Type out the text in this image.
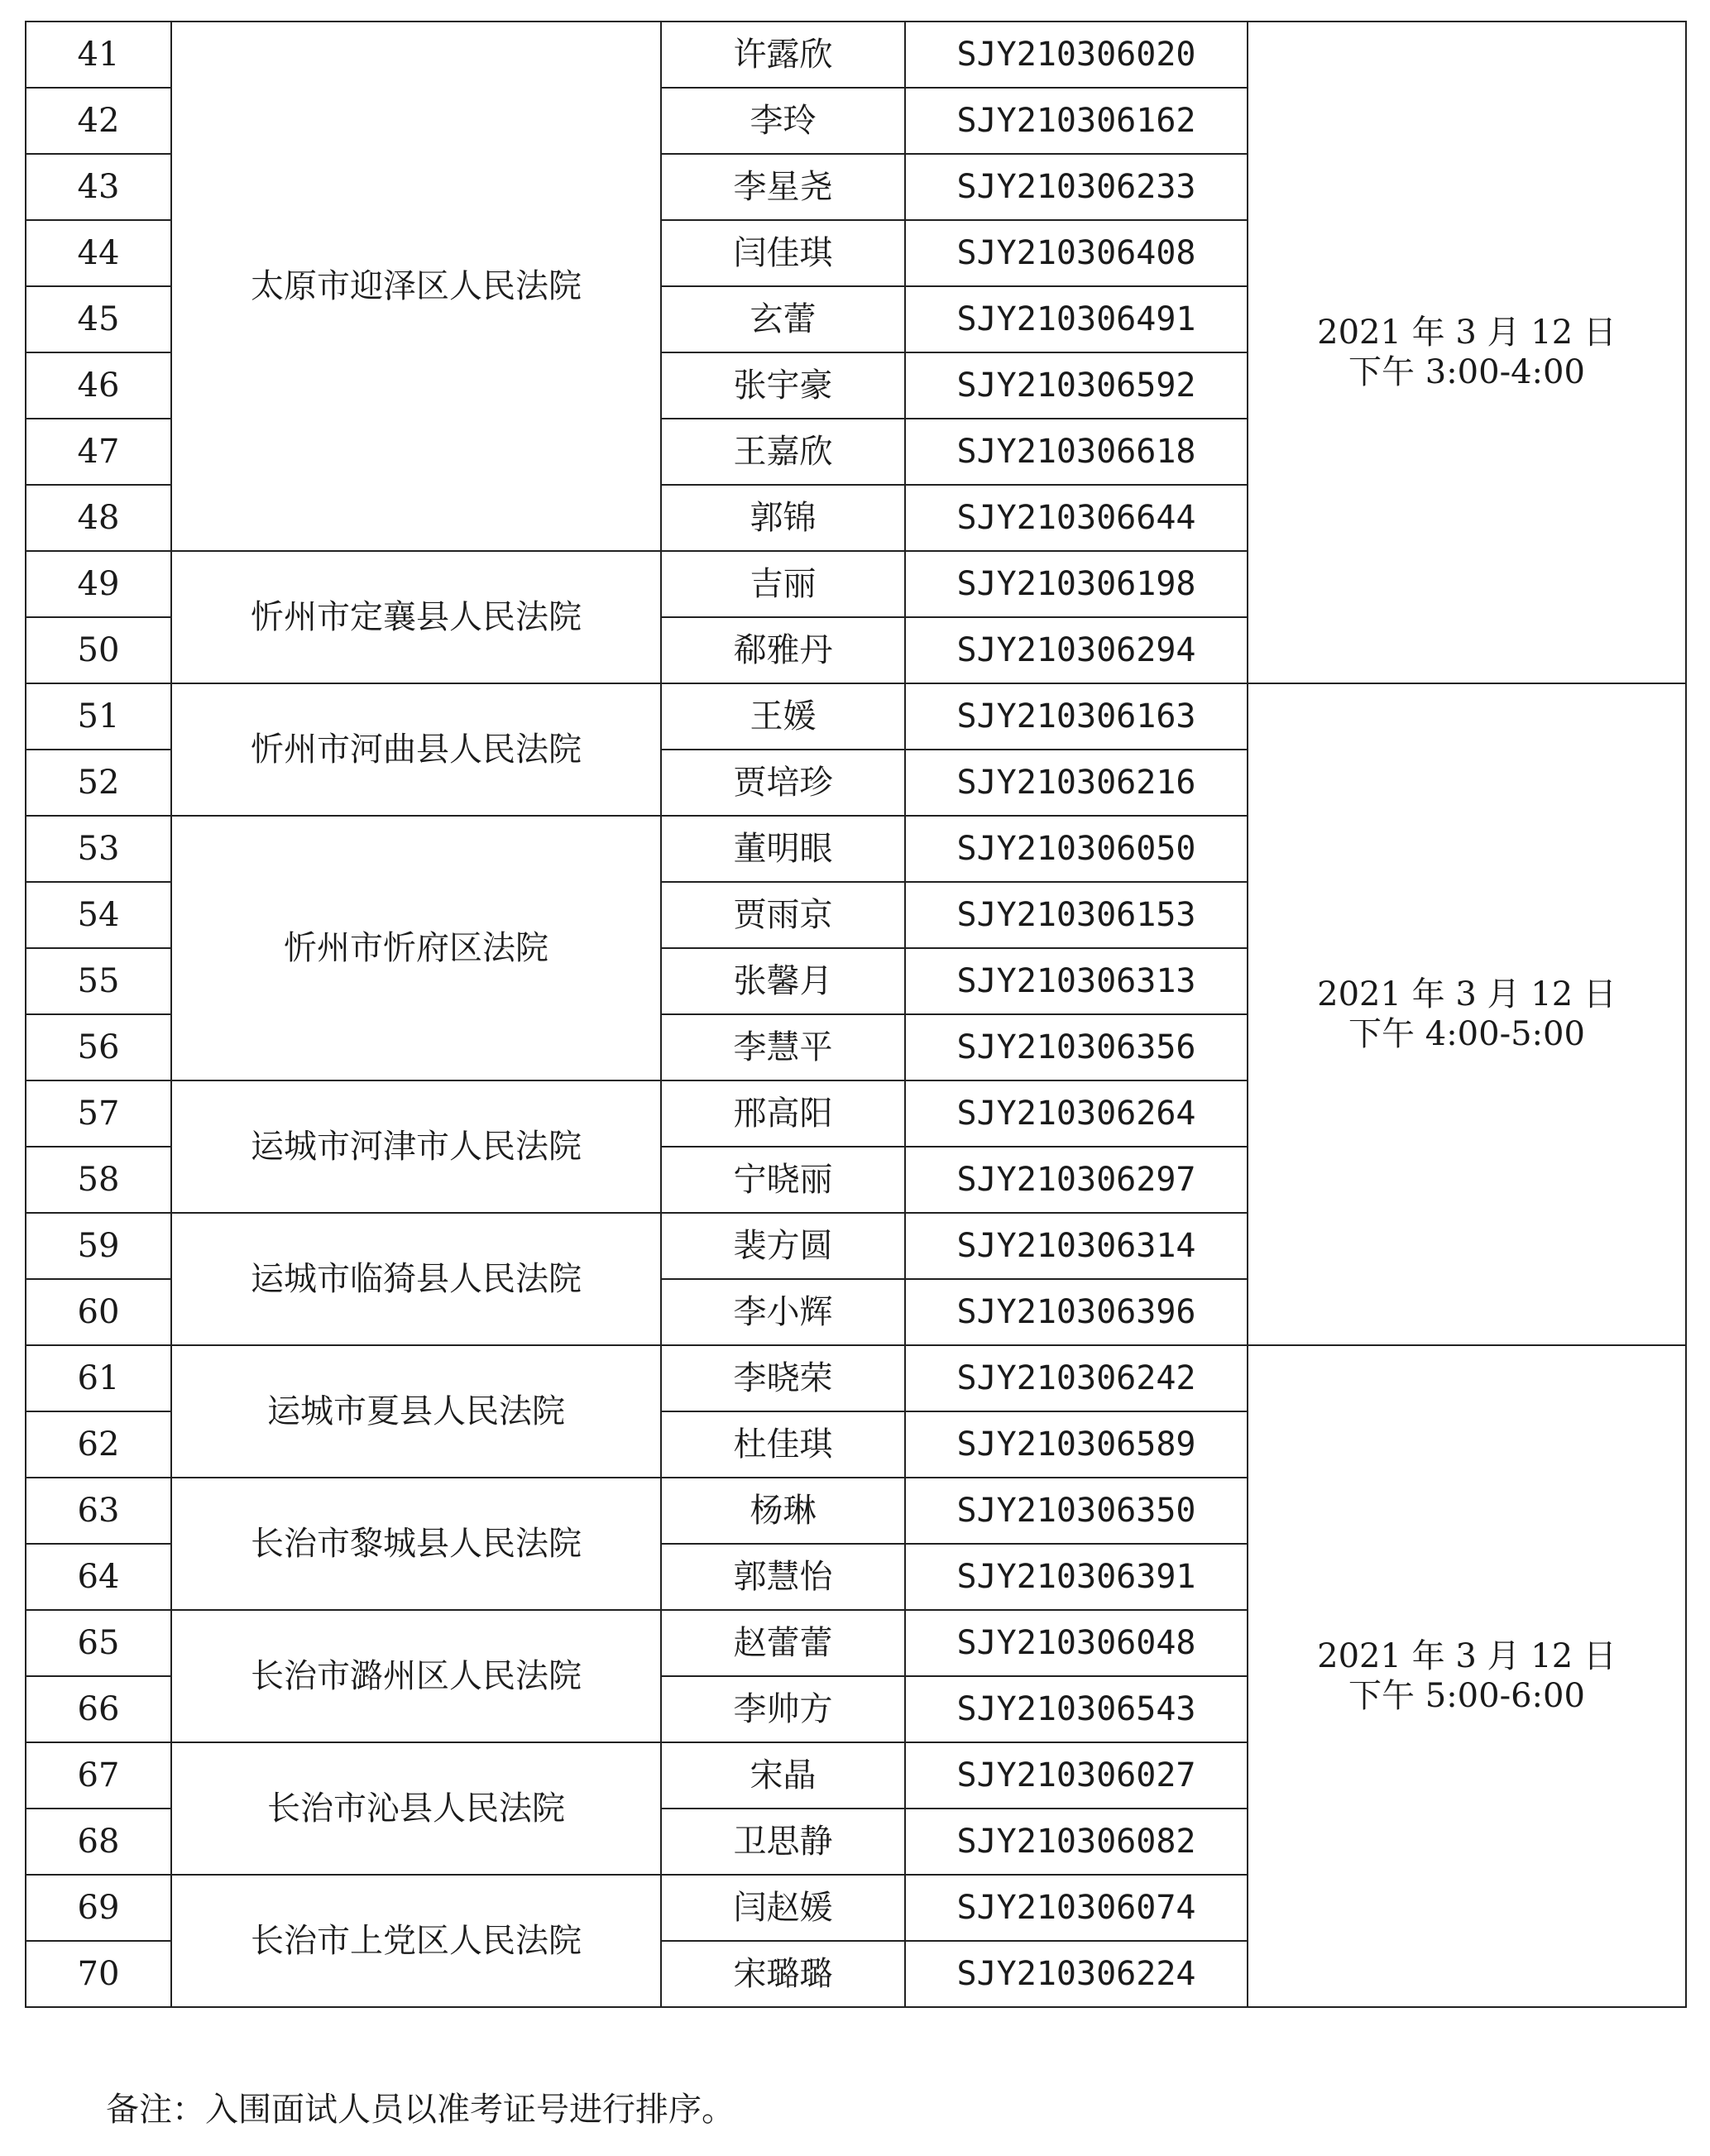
41	太原市迎泽区人民法院	许露欣	SJY210306020	2021 年 3 月 12 日
下午 3:00-4:00

42		李玲	SJY210306162	
43		李星尧	SJY210306233	
44		闫佳琪	SJY210306408	
45		玄蕾	SJY210306491	
46		张宇豪	SJY210306592	
47		王嘉欣	SJY210306618	
48		郭锦	SJY210306644	
49	忻州市定襄县人民法院	吉丽	SJY210306198	
50		郗雅丹	SJY210306294	
51	忻州市河曲县人民法院	王媛	SJY210306163	2021 年 3 月 12 日
下午 4:00-5:00

52		贾培珍	SJY210306216	
53	忻州市忻府区法院	董明眼	SJY210306050	
54		贾雨京	SJY210306153	
55		张馨月	SJY210306313	
56		李慧平	SJY210306356	
57	运城市河津市人民法院	邢高阳	SJY210306264	
58		宁晓丽	SJY210306297	
59	运城市临猗县人民法院	裴方圆	SJY210306314	
60		李小辉	SJY210306396	
61	运城市夏县人民法院	李晓荣	SJY210306242	2021 年 3 月 12 日
下午 5:00-6:00

62		杜佳琪	SJY210306589	
63	长治市黎城县人民法院	杨琳	SJY210306350	
64		郭慧怡	SJY210306391	
65	长治市潞州区人民法院	赵蕾蕾	SJY210306048	
66		李帅方	SJY210306543	
67	长治市沁县人民法院	宋晶	SJY210306027	
68		卫思静	SJY210306082	
69	长治市上党区人民法院	闫赵媛	SJY210306074	
70		宋璐璐	SJY210306224	
备注：入围面试人员以准考证号进行排序。
